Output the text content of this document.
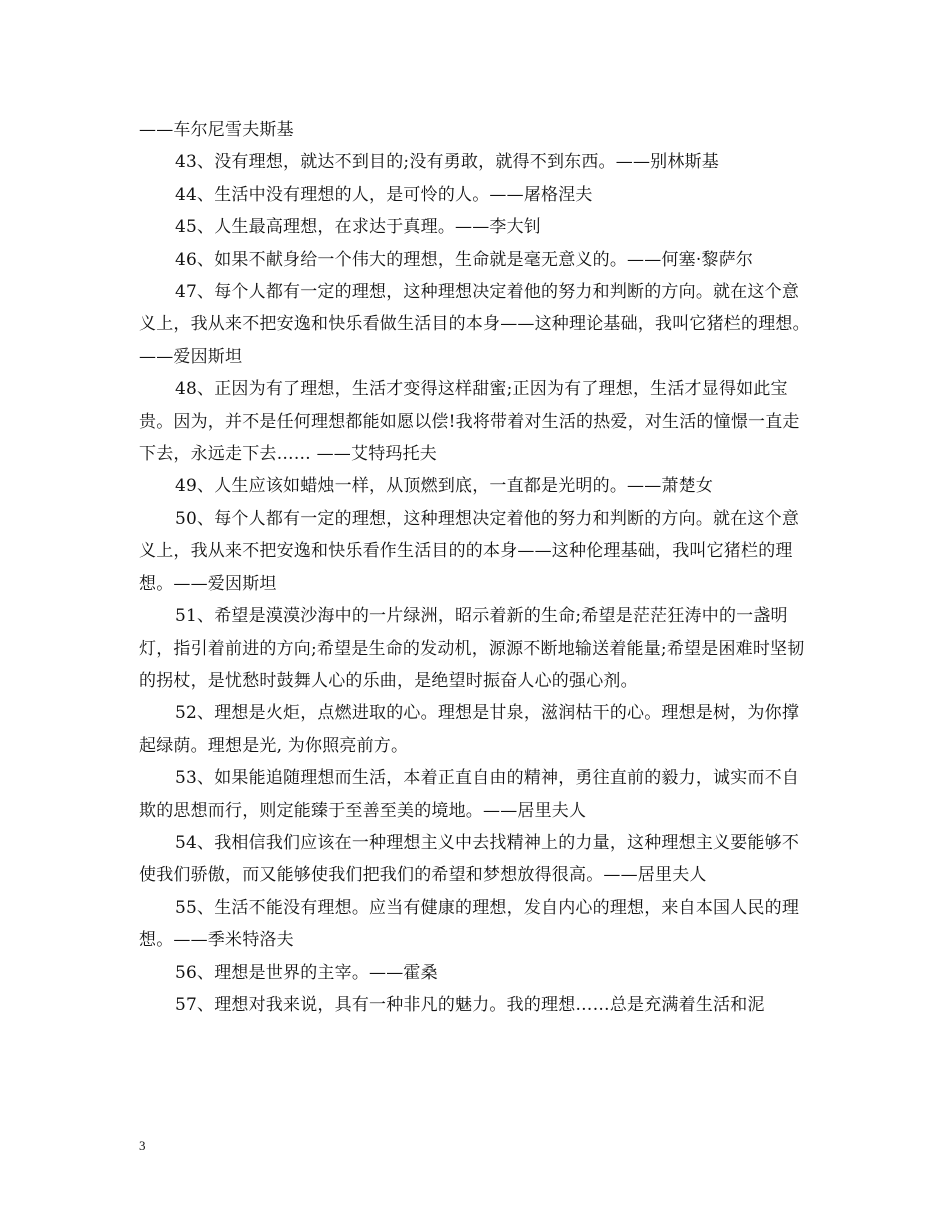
——车尔尼雪夫斯基

43、没有理想，就达不到目的;没有勇敢，就得不到东西。——别林斯基

44、生活中没有理想的人，是可怜的人。——屠格涅夫

45、人生最高理想，在求达于真理。——李大钊

46、如果不献身给一个伟大的理想，生命就是毫无意义的。——何塞·黎萨尔

47、每个人都有一定的理想，这种理想决定着他的努力和判断的方向。就在这个意义上，我从来不把安逸和快乐看做生活目的本身——这种理论基础，我叫它猪栏的理想。——爱因斯坦

48、正因为有了理想，生活才变得这样甜蜜;正因为有了理想，生活才显得如此宝贵。因为，并不是任何理想都能如愿以偿!我将带着对生活的热爱，对生活的憧憬一直走下去，永远走下去…… ——艾特玛托夫

49、人生应该如蜡烛一样，从顶燃到底，一直都是光明的。——萧楚女

50、每个人都有一定的理想，这种理想决定着他的努力和判断的方向。就在这个意义上，我从来不把安逸和快乐看作生活目的的本身——这种伦理基础，我叫它猪栏的理想。——爱因斯坦

51、希望是漠漠沙海中的一片绿洲，昭示着新的生命;希望是茫茫狂涛中的一盏明灯，指引着前进的方向;希望是生命的发动机，源源不断地输送着能量;希望是困难时坚韧的拐杖，是忧愁时鼓舞人心的乐曲，是绝望时振奋人心的强心剂。

52、理想是火炬，点燃进取的心。理想是甘泉，滋润枯干的心。理想是树，为你撑起绿荫。理想是光, 为你照亮前方。

53、如果能追随理想而生活，本着正直自由的精神，勇往直前的毅力，诚实而不自欺的思想而行，则定能臻于至善至美的境地。——居里夫人

54、我相信我们应该在一种理想主义中去找精神上的力量，这种理想主义要能够不使我们骄傲，而又能够使我们把我们的希望和梦想放得很高。——居里夫人

55、生活不能没有理想。应当有健康的理想，发自内心的理想，来自本国人民的理想。——季米特洛夫

56、理想是世界的主宰。——霍桑

57、理想对我来说，具有一种非凡的魅力。我的理想……总是充满着生活和泥

3
